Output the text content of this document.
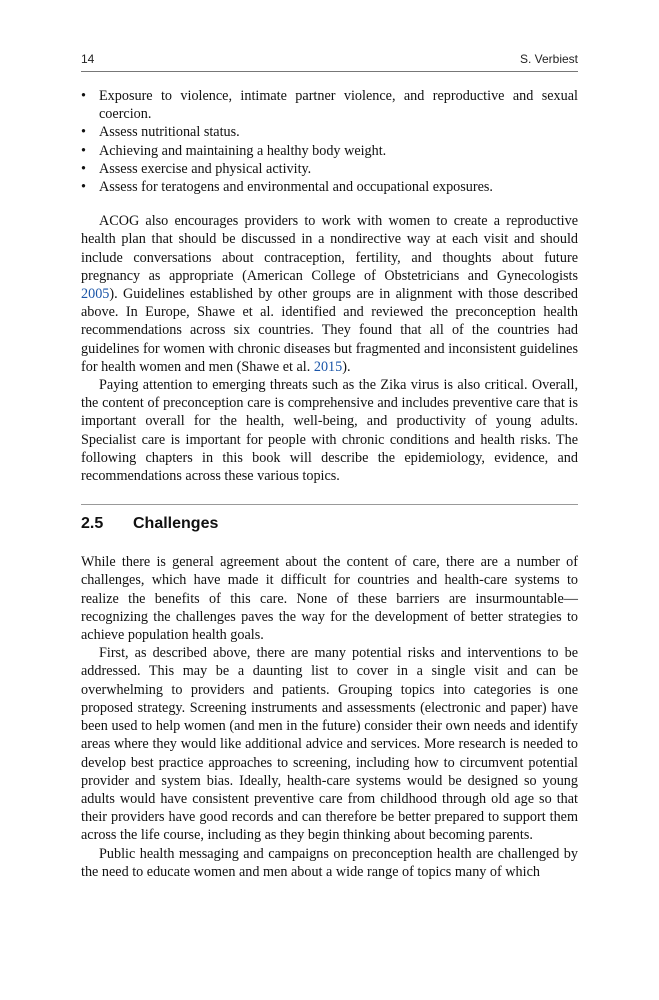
14	S. Verbiest
• Exposure to violence, intimate partner violence, and reproductive and sexual coercion.
• Assess nutritional status.
• Achieving and maintaining a healthy body weight.
• Assess exercise and physical activity.
• Assess for teratogens and environmental and occupational exposures.

ACOG also encourages providers to work with women to create a reproductive health plan that should be discussed in a nondirective way at each visit and should include conversations about contraception, fertility, and thoughts about future pregnancy as appropriate (American College of Obstetricians and Gynecologists 2005). Guidelines established by other groups are in alignment with those described above. In Europe, Shawe et al. identified and reviewed the preconception health recommendations across six countries. They found that all of the countries had guidelines for women with chronic diseases but fragmented and inconsistent guidelines for health women and men (Shawe et al. 2015).

Paying attention to emerging threats such as the Zika virus is also critical. Overall, the content of preconception care is comprehensive and includes preventive care that is important overall for the health, well-being, and productivity of young adults. Specialist care is important for people with chronic conditions and health risks. The following chapters in this book will describe the epidemiology, evidence, and recommendations across these various topics.

2.5 Challenges

While there is general agreement about the content of care, there are a number of challenges, which have made it difficult for countries and health-care systems to realize the benefits of this care. None of these barriers are insurmountable—recognizing the challenges paves the way for the development of better strategies to achieve population health goals.

First, as described above, there are many potential risks and interventions to be addressed. This may be a daunting list to cover in a single visit and can be overwhelming to providers and patients. Grouping topics into categories is one proposed strategy. Screening instruments and assessments (electronic and paper) have been used to help women (and men in the future) consider their own needs and identify areas where they would like additional advice and services. More research is needed to develop best practice approaches to screening, including how to circumvent potential provider and system bias. Ideally, health-care systems would be designed so young adults would have consistent preventive care from childhood through old age so that their providers have good records and can therefore be better prepared to support them across the life course, including as they begin thinking about becoming parents.

Public health messaging and campaigns on preconception health are challenged by the need to educate women and men about a wide range of topics many of which
